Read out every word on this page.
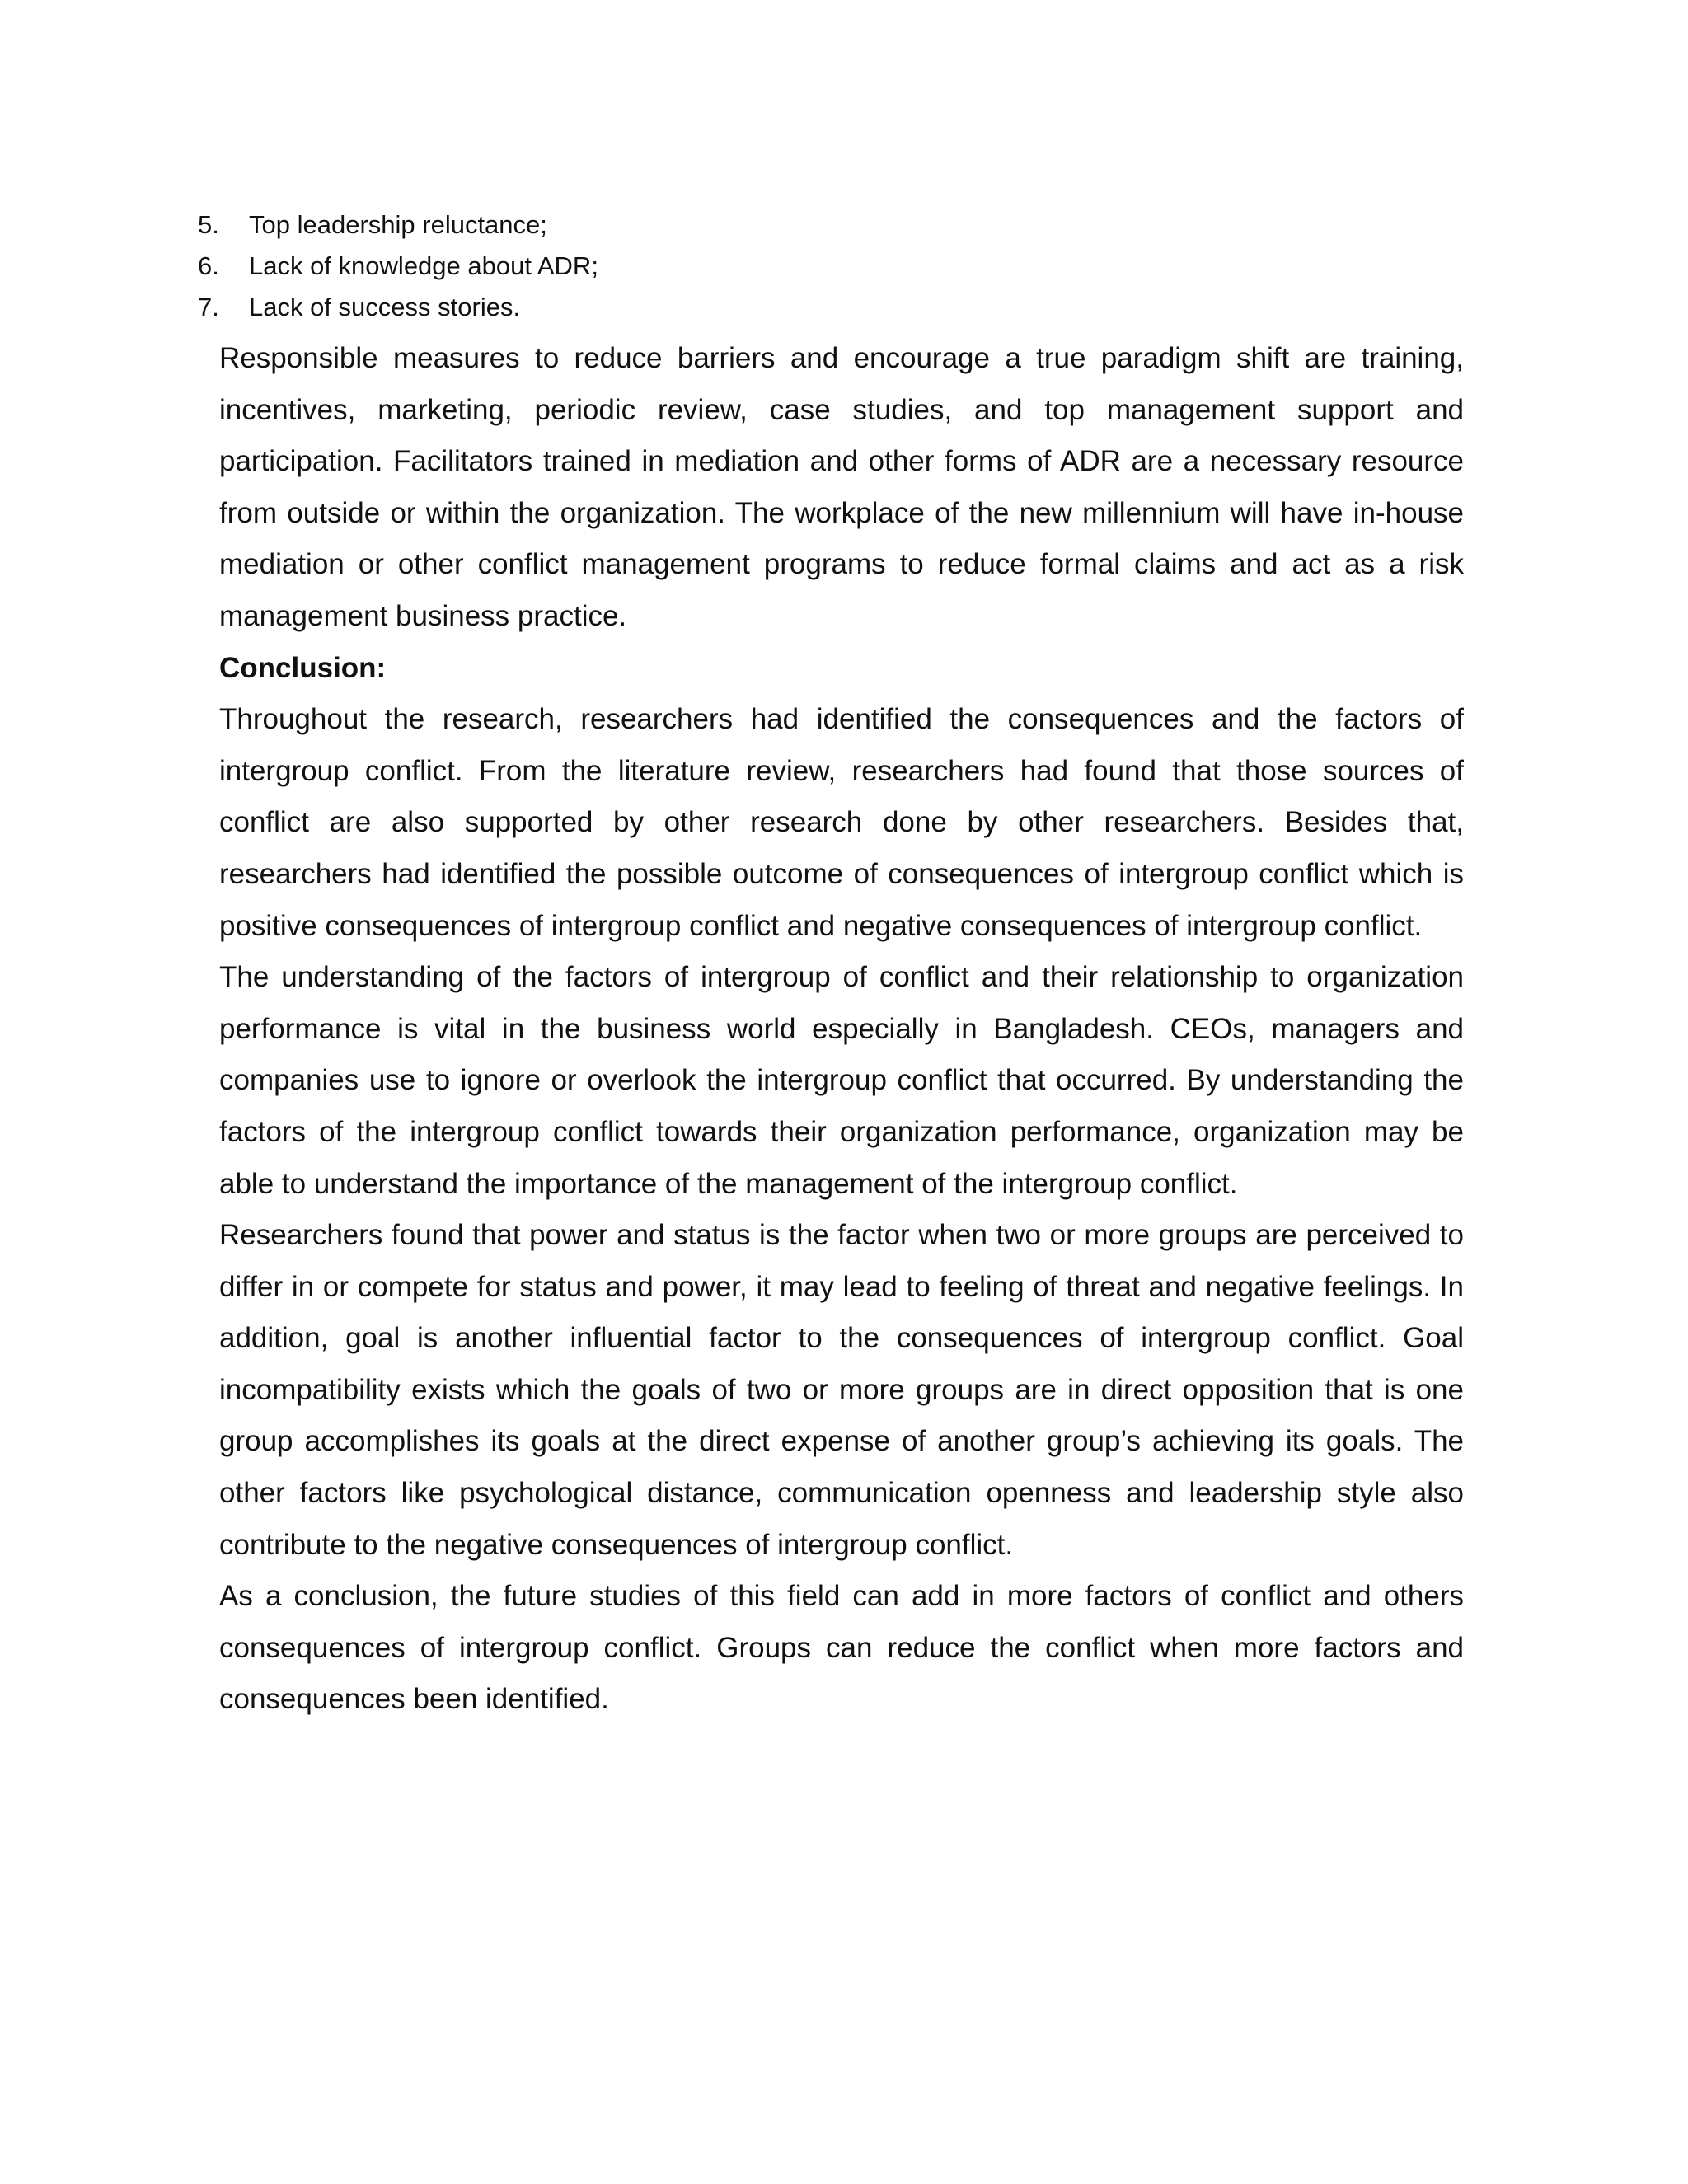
5. Top leadership reluctance;
6. Lack of knowledge about ADR;
7. Lack of success stories.

Responsible measures to reduce barriers and encourage a true paradigm shift are training, incentives, marketing, periodic review, case studies, and top management support and participation. Facilitators trained in mediation and other forms of ADR are a necessary resource from outside or within the organization. The workplace of the new millennium will have in-house mediation or other conflict management programs to reduce formal claims and act as a risk management business practice.

Conclusion:

Throughout the research, researchers had identified the consequences and the factors of intergroup conflict. From the literature review, researchers had found that those sources of conflict are also supported by other research done by other researchers. Besides that, researchers had identified the possible outcome of consequences of intergroup conflict which is positive consequences of intergroup conflict and negative consequences of intergroup conflict.

The understanding of the factors of intergroup of conflict and their relationship to organization performance is vital in the business world especially in Bangladesh. CEOs, managers and companies use to ignore or overlook the intergroup conflict that occurred. By understanding the factors of the intergroup conflict towards their organization performance, organization may be able to understand the importance of the management of the intergroup conflict.

Researchers found that power and status is the factor when two or more groups are perceived to differ in or compete for status and power, it may lead to feeling of threat and negative feelings. In addition, goal is another influential factor to the consequences of intergroup conflict. Goal incompatibility exists which the goals of two or more groups are in direct opposition that is one group accomplishes its goals at the direct expense of another group’s achieving its goals. The other factors like psychological distance, communication openness and leadership style also contribute to the negative consequences of intergroup conflict.

As a conclusion, the future studies of this field can add in more factors of conflict and others consequences of intergroup conflict. Groups can reduce the conflict when more factors and consequences been identified.
